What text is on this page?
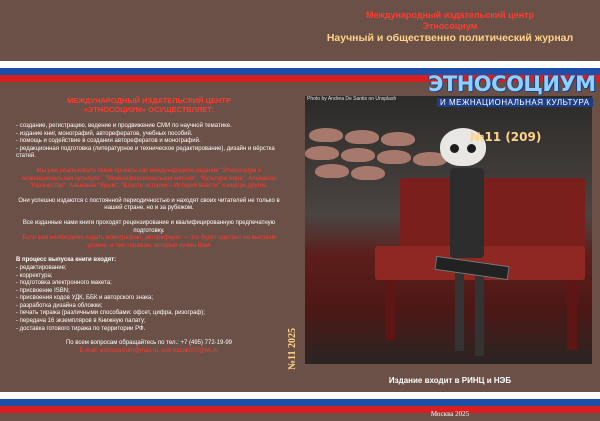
Международный издательский центр
Этносоциум
Научный и общественно политический журнал
Photo by Andrea De Santis on Unsplash
ЭТНОСОЦИУМ
И МЕЖНАЦИОНАЛЬНАЯ КУЛЬТУРА
№11 (209)
№11 2025
Издание входит в РИНЦ и НЭБ
Москва 2025
МЕЖДУНАРОДНЫЙ ИЗДАТЕЛЬСКИЙ ЦЕНТР
«ЭТНОСОЦИУМ» ОСУЩЕСТВЛЯЕТ:
- создание, регистрацию, ведение и продвижение СМИ по научной тематике.
- издание книг, монографий, авторефератов, учебных пособий.
- помощь и содействие в создании авторефератов и монографий.
- редакционная подготовка (литературное и техническое редактирование), дизайн и вёрстка статей.
Мы уже реализовали такие проекты как международное издание "Этносоциум и межнациональная культура", "Межконфессиональная миссия", "Культура мира", Альманах "Казачество", Альманах "Крым", "Власть истории – История власти" и многие другие.
Они успешно издаются с постоянной периодичностью и находят своих читателей не только в нашей стране, но и за рубежом.
Все изданные нами книги проходят рецензирование и квалифицированную предпечатную подготовку.
Если вам необходимо издать монографию, автореферат — это будет сделано на высоком уровне, и тем тиражом, который нужен Вам!
В процесс выпуска книги входят:
- редактирование;
- корректура;
- подготовка электронного макета;
- присвоение ISBN;
- присвоения кодов УДК, ББК и авторского знака;
- разработка дизайна обложки;
- печать тиража (различными способами: офсет, цифра, ризограф);
- передача 16 экземпляров в Книжную палату;
- доставка готового тиража по территории РФ.
По всем вопросам обращайтесь по тел.: +7 (495) 772-19-99
E-mail: ethnosocium@mail.ru, или kazak007@bk.ru
